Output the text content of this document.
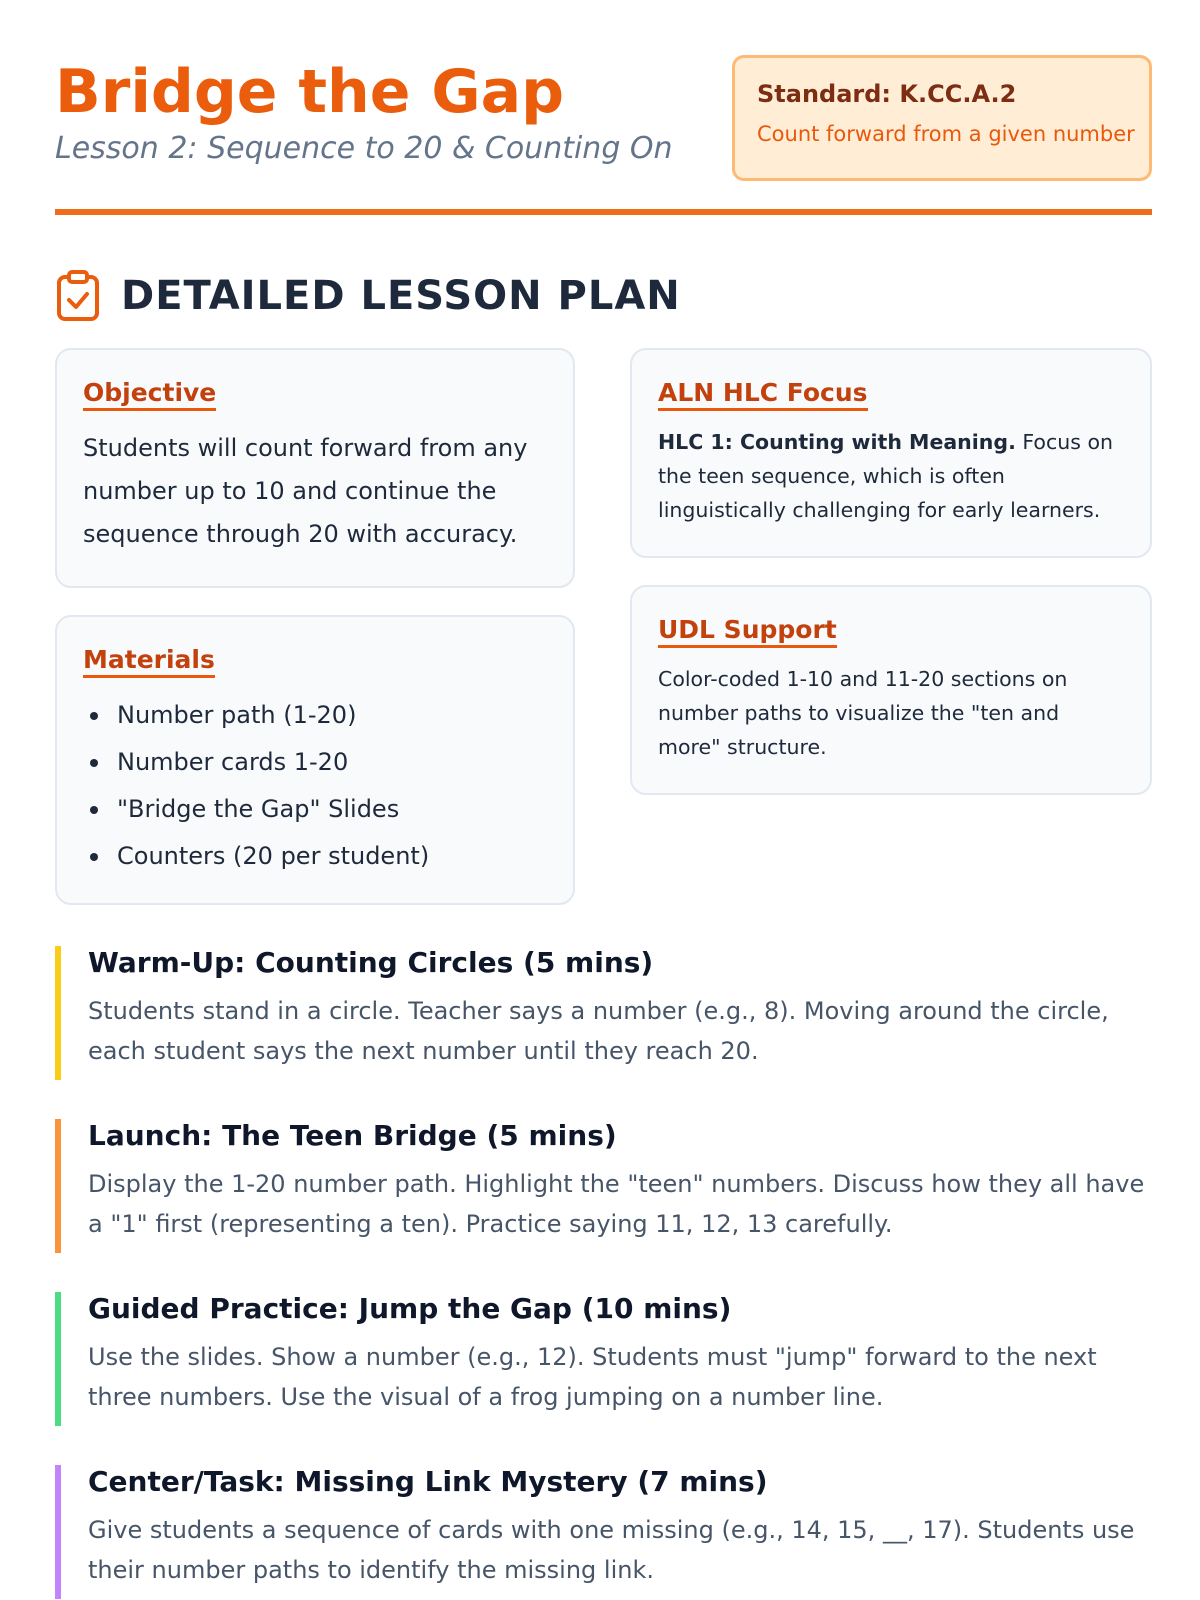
Bridge the Gap
Lesson 2: Sequence to 20 & Counting On
Standard: K.CC.A.2
Count forward from a given number
DETAILED LESSON PLAN
Objective
Students will count forward from any number up to 10 and continue the sequence through 20 with accuracy.
Materials
Number path (1-20)
Number cards 1-20
"Bridge the Gap" Slides
Counters (20 per student)
ALN HLC Focus
HLC 1: Counting with Meaning. Focus on the teen sequence, which is often linguistically challenging for early learners.
UDL Support
Color-coded 1-10 and 11-20 sections on number paths to visualize the "ten and more" structure.
Warm-Up: Counting Circles (5 mins)
Students stand in a circle. Teacher says a number (e.g., 8). Moving around the circle, each student says the next number until they reach 20.
Launch: The Teen Bridge (5 mins)
Display the 1-20 number path. Highlight the "teen" numbers. Discuss how they all have a "1" first (representing a ten). Practice saying 11, 12, 13 carefully.
Guided Practice: Jump the Gap (10 mins)
Use the slides. Show a number (e.g., 12). Students must "jump" forward to the next three numbers. Use the visual of a frog jumping on a number line.
Center/Task: Missing Link Mystery (7 mins)
Give students a sequence of cards with one missing (e.g., 14, 15, __, 17). Students use their number paths to identify the missing link.
